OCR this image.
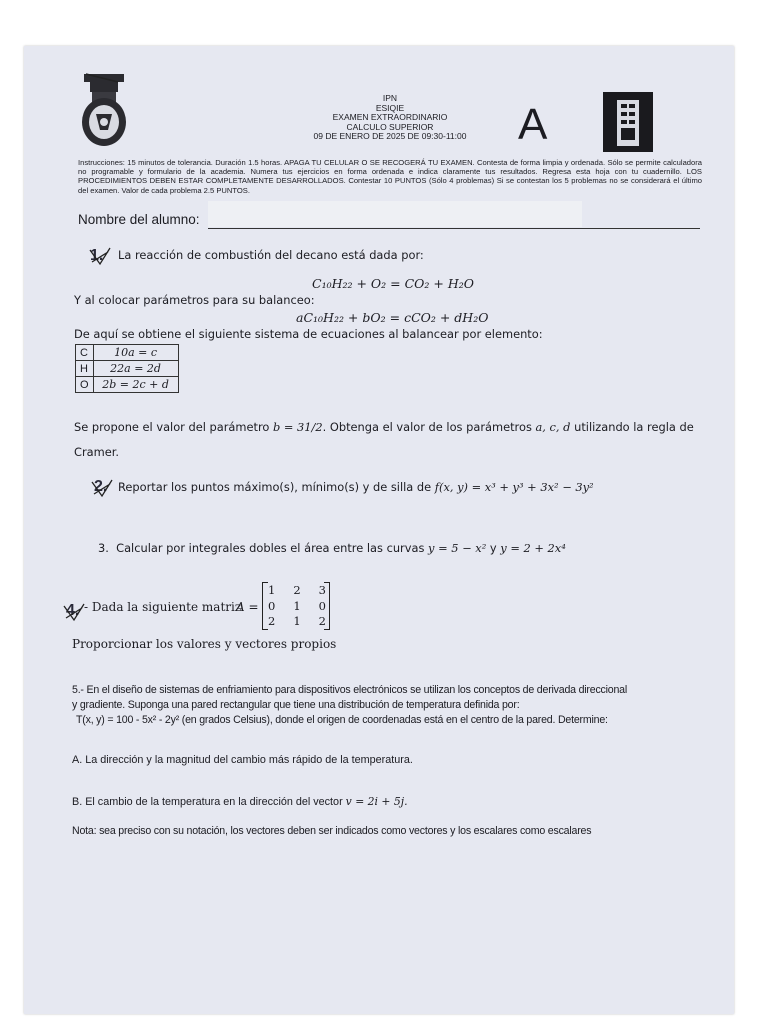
IPN
ESIQIE
EXAMEN EXTRAORDINARIO
CALCULO SUPERIOR
09 DE ENERO DE 2025 DE 09:30-11:00	A
Instrucciones: 15 minutos de tolerancia. Duración 1.5 horas. APAGA TU CELULAR O SE RECOGERÁ TU EXAMEN. Contesta de forma limpia y ordenada. Sólo se permite calculadora no programable y formulario de la academia. Numera tus ejercicios en forma ordenada e indica claramente tus resultados. Regresa esta hoja con tu cuadernillo. LOS PROCEDIMIENTOS DEBEN ESTAR COMPLETAMENTE DESARROLLADOS. Contestar 10 PUNTOS (Sólo 4 problemas) Si se contestan los 5 problemas no se considerará el último del examen. Valor de cada problema 2.5 PUNTOS.
Nombre del alumno:
1. La reacción de combustión del decano está dada por:
C₁₀H₂₂ + O₂ = CO₂ + H₂O
Y al colocar parámetros para su balanceo:
aC₁₀H₂₂ + bO₂ = cCO₂ + dH₂O
De aquí se obtiene el siguiente sistema de ecuaciones al balancear por elemento:
C	10a = c
H	22a = 2d
O	2b = 2c + d
Se propone el valor del parámetro b = 31/2. Obtenga el valor de los parámetros a, c, d utilizando la regla de
Cramer.
2. Reportar los puntos máximo(s), mínimo(s) y de silla de f(x, y) = x³ + y³ + 3x² − 3y²
3. Calcular por integrales dobles el área entre las curvas y = 5 − x² y y = 2 + 2x⁴
4. - Dada la siguiente matriz
A =
1 2 3
0 1 0
2 1 2
Proporcionar los valores y vectores propios
5.- En el diseño de sistemas de enfriamiento para dispositivos electrónicos se utilizan los conceptos de derivada direccional
y gradiente. Suponga una pared rectangular que tiene una distribución de temperatura definida por:
T(x, y) = 100 - 5x² - 2y² (en grados Celsius), donde el origen de coordenadas está en el centro de la pared. Determine:
A. La dirección y la magnitud del cambio más rápido de la temperatura.
B. El cambio de la temperatura en la dirección del vector v = 2i + 5j.
Nota: sea preciso con su notación, los vectores deben ser indicados como vectores y los escalares como escalares
